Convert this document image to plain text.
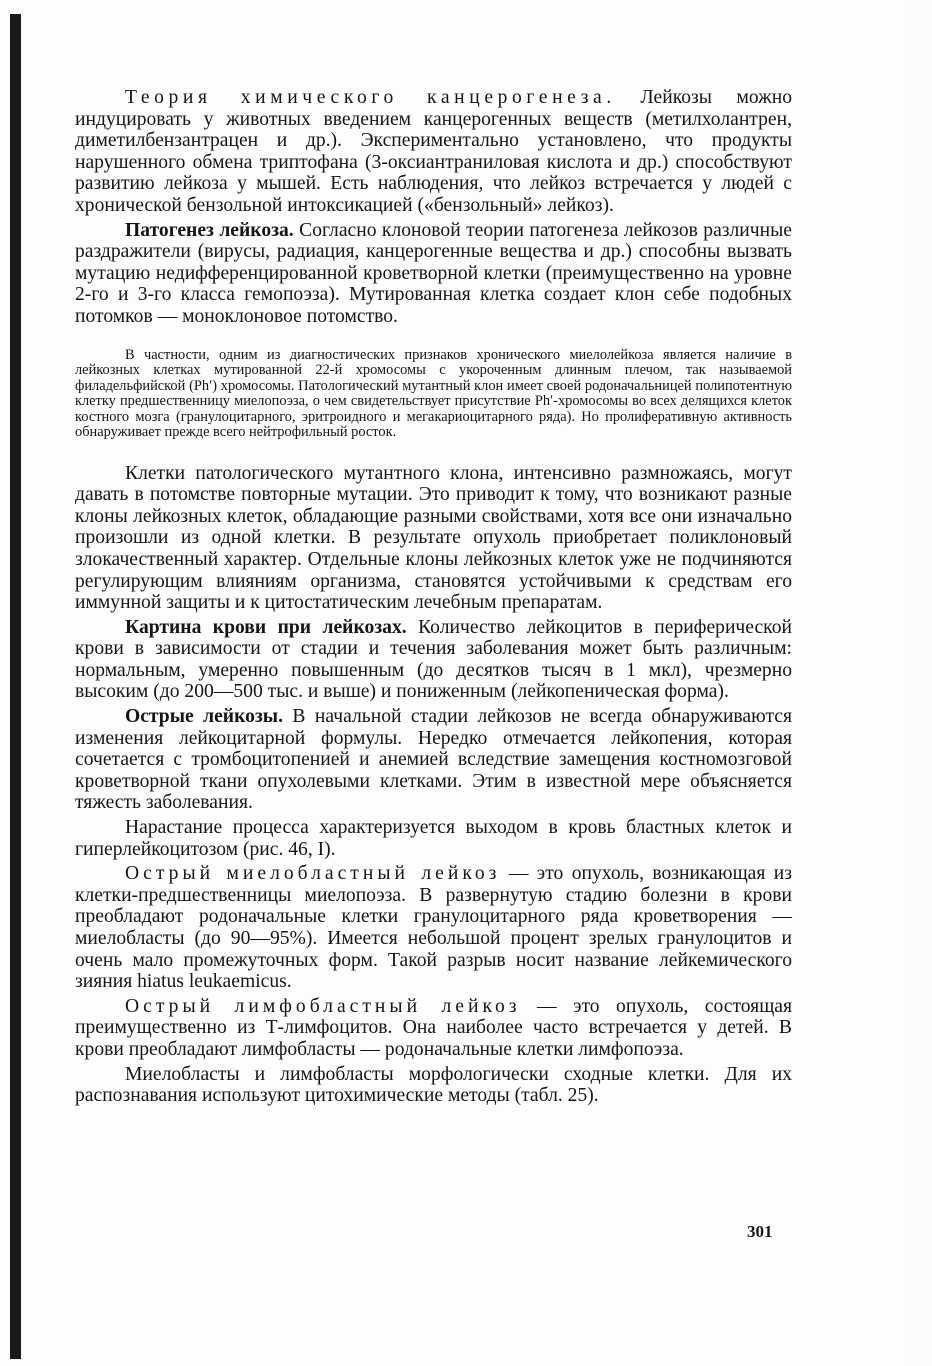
Теория химического канцерогенеза. Лейкозы можно индуцировать у животных введением канцерогенных веществ (метилхолантрен, диметилбензантрацен и др.). Экспериментально установлено, что продукты нарушенного обмена триптофана (3-оксиантраниловая кислота и др.) способствуют развитию лейкоза у мышей. Есть наблюдения, что лейкоз встречается у людей с хронической бензольной интоксикацией («бензольный» лейкоз).

Патогенез лейкоза. Согласно клоновой теории патогенеза лейкозов различные раздражители (вирусы, радиация, канцерогенные вещества и др.) способны вызвать мутацию недифференцированной кроветворной клетки (преимущественно на уровне 2-го и 3-го класса гемопоэза). Мутированная клетка создает клон себе подобных потомков — моноклоновое потомство.

В частности, одним из диагностических признаков хронического миелолейкоза является наличие в лейкозных клетках мутированной 22-й хромосомы с укороченным длинным плечом, так называемой филадельфийской (Ph′) хромосомы. Патологический мутантный клон имеет своей родоначальницей полипотентную клетку предшественницу миелопоэза, о чем свидетельствует присутствие Ph′-хромосомы во всех делящихся клеток костного мозга (гранулоцитарного, эритроидного и мегакариоцитарного ряда). Но пролиферативную активность обнаруживает прежде всего нейтрофильный росток.

Клетки патологического мутантного клона, интенсивно размножаясь, могут давать в потомстве повторные мутации. Это приводит к тому, что возникают разные клоны лейкозных клеток, обладающие разными свойствами, хотя все они изначально произошли из одной клетки. В результате опухоль приобретает поликлоновый злокачественный характер. Отдельные клоны лейкозных клеток уже не подчиняются регулирующим влияниям организма, становятся устойчивыми к средствам его иммунной защиты и к цитостатическим лечебным препаратам.

Картина крови при лейкозах. Количество лейкоцитов в периферической крови в зависимости от стадии и течения заболевания может быть различным: нормальным, умеренно повышенным (до десятков тысяч в 1 мкл), чрезмерно высоким (до 200—500 тыс. и выше) и пониженным (лейкопеническая форма).

Острые лейкозы. В начальной стадии лейкозов не всегда обнаруживаются изменения лейкоцитарной формулы. Нередко отмечается лейкопения, которая сочетается с тромбоцитопенией и анемией вследствие замещения костномозговой кроветворной ткани опухолевыми клетками. Этим в известной мере объясняется тяжесть заболевания.

Нарастание процесса характеризуется выходом в кровь бластных клеток и гиперлейкоцитозом (рис. 46, I).

Острый миелобластный лейкоз — это опухоль, возникающая из клетки-предшественницы миелопоэза. В развернутую стадию болезни в крови преобладают родоначальные клетки гранулоцитарного ряда кроветворения — миелобласты (до 90—95%). Имеется небольшой процент зрелых гранулоцитов и очень мало промежуточных форм. Такой разрыв носит название лейкемического зияния hiatus leukaemicus.

Острый лимфобластный лейкоз — это опухоль, состоящая преимущественно из Т-лимфоцитов. Она наиболее часто встречается у детей. В крови преобладают лимфобласты — родоначальные клетки лимфопоэза.

Миелобласты и лимфобласты морфологически сходные клетки. Для их распознавания используют цитохимические методы (табл. 25).

301
